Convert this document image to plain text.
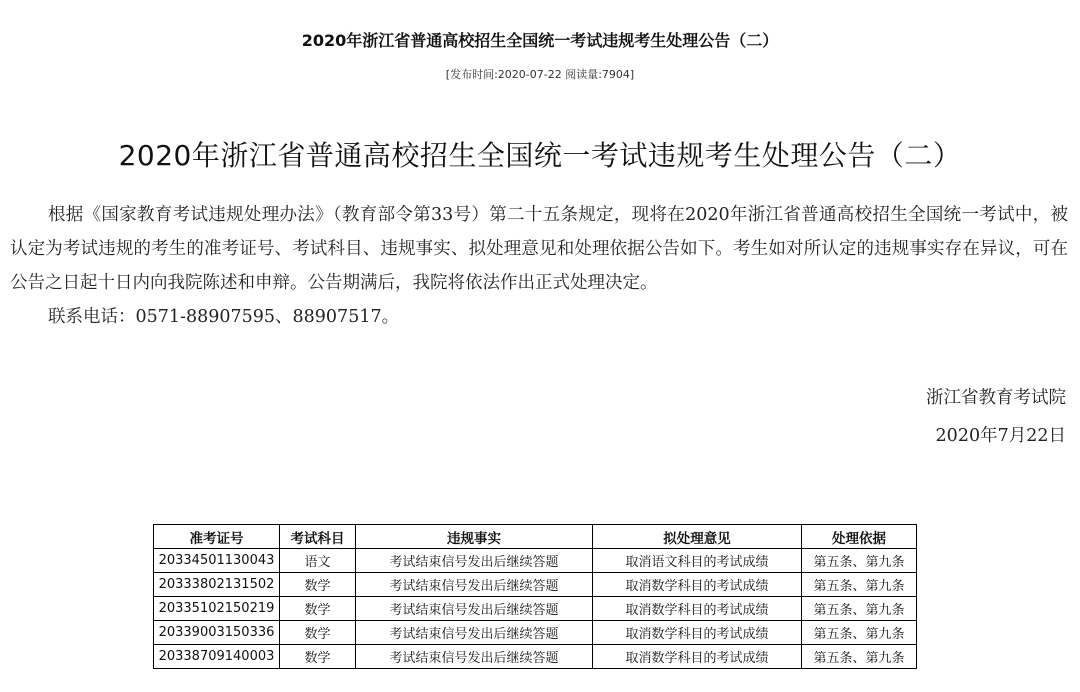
2020年浙江省普通高校招生全国统一考试违规考生处理公告（二）
[发布时间:2020-07-22 阅读量:7904]
2020年浙江省普通高校招生全国统一考试违规考生处理公告（二）

根据《国家教育考试违规处理办法》（教育部令第33号）第二十五条规定，现将在2020年浙江省普通高校招生全国统一考试中，被认定为考试违规的考生的准考证号、考试科目、违规事实、拟处理意见和处理依据公告如下。考生如对所认定的违规事实存在异议，可在公告之日起十日内向我院陈述和申辩。公告期满后，我院将依法作出正式处理决定。

联系电话：0571-88907595、88907517。

浙江省教育考试院
2020年7月22日
准考证号	考试科目	违规事实	拟处理意见	处理依据
20334501130043	语文	考试结束信号发出后继续答题	取消语文科目的考试成绩	第五条、第九条
20333802131502	数学	考试结束信号发出后继续答题	取消数学科目的考试成绩	第五条、第九条
20335102150219	数学	考试结束信号发出后继续答题	取消数学科目的考试成绩	第五条、第九条
20339003150336	数学	考试结束信号发出后继续答题	取消数学科目的考试成绩	第五条、第九条
20338709140003	数学	考试结束信号发出后继续答题	取消数学科目的考试成绩	第五条、第九条
